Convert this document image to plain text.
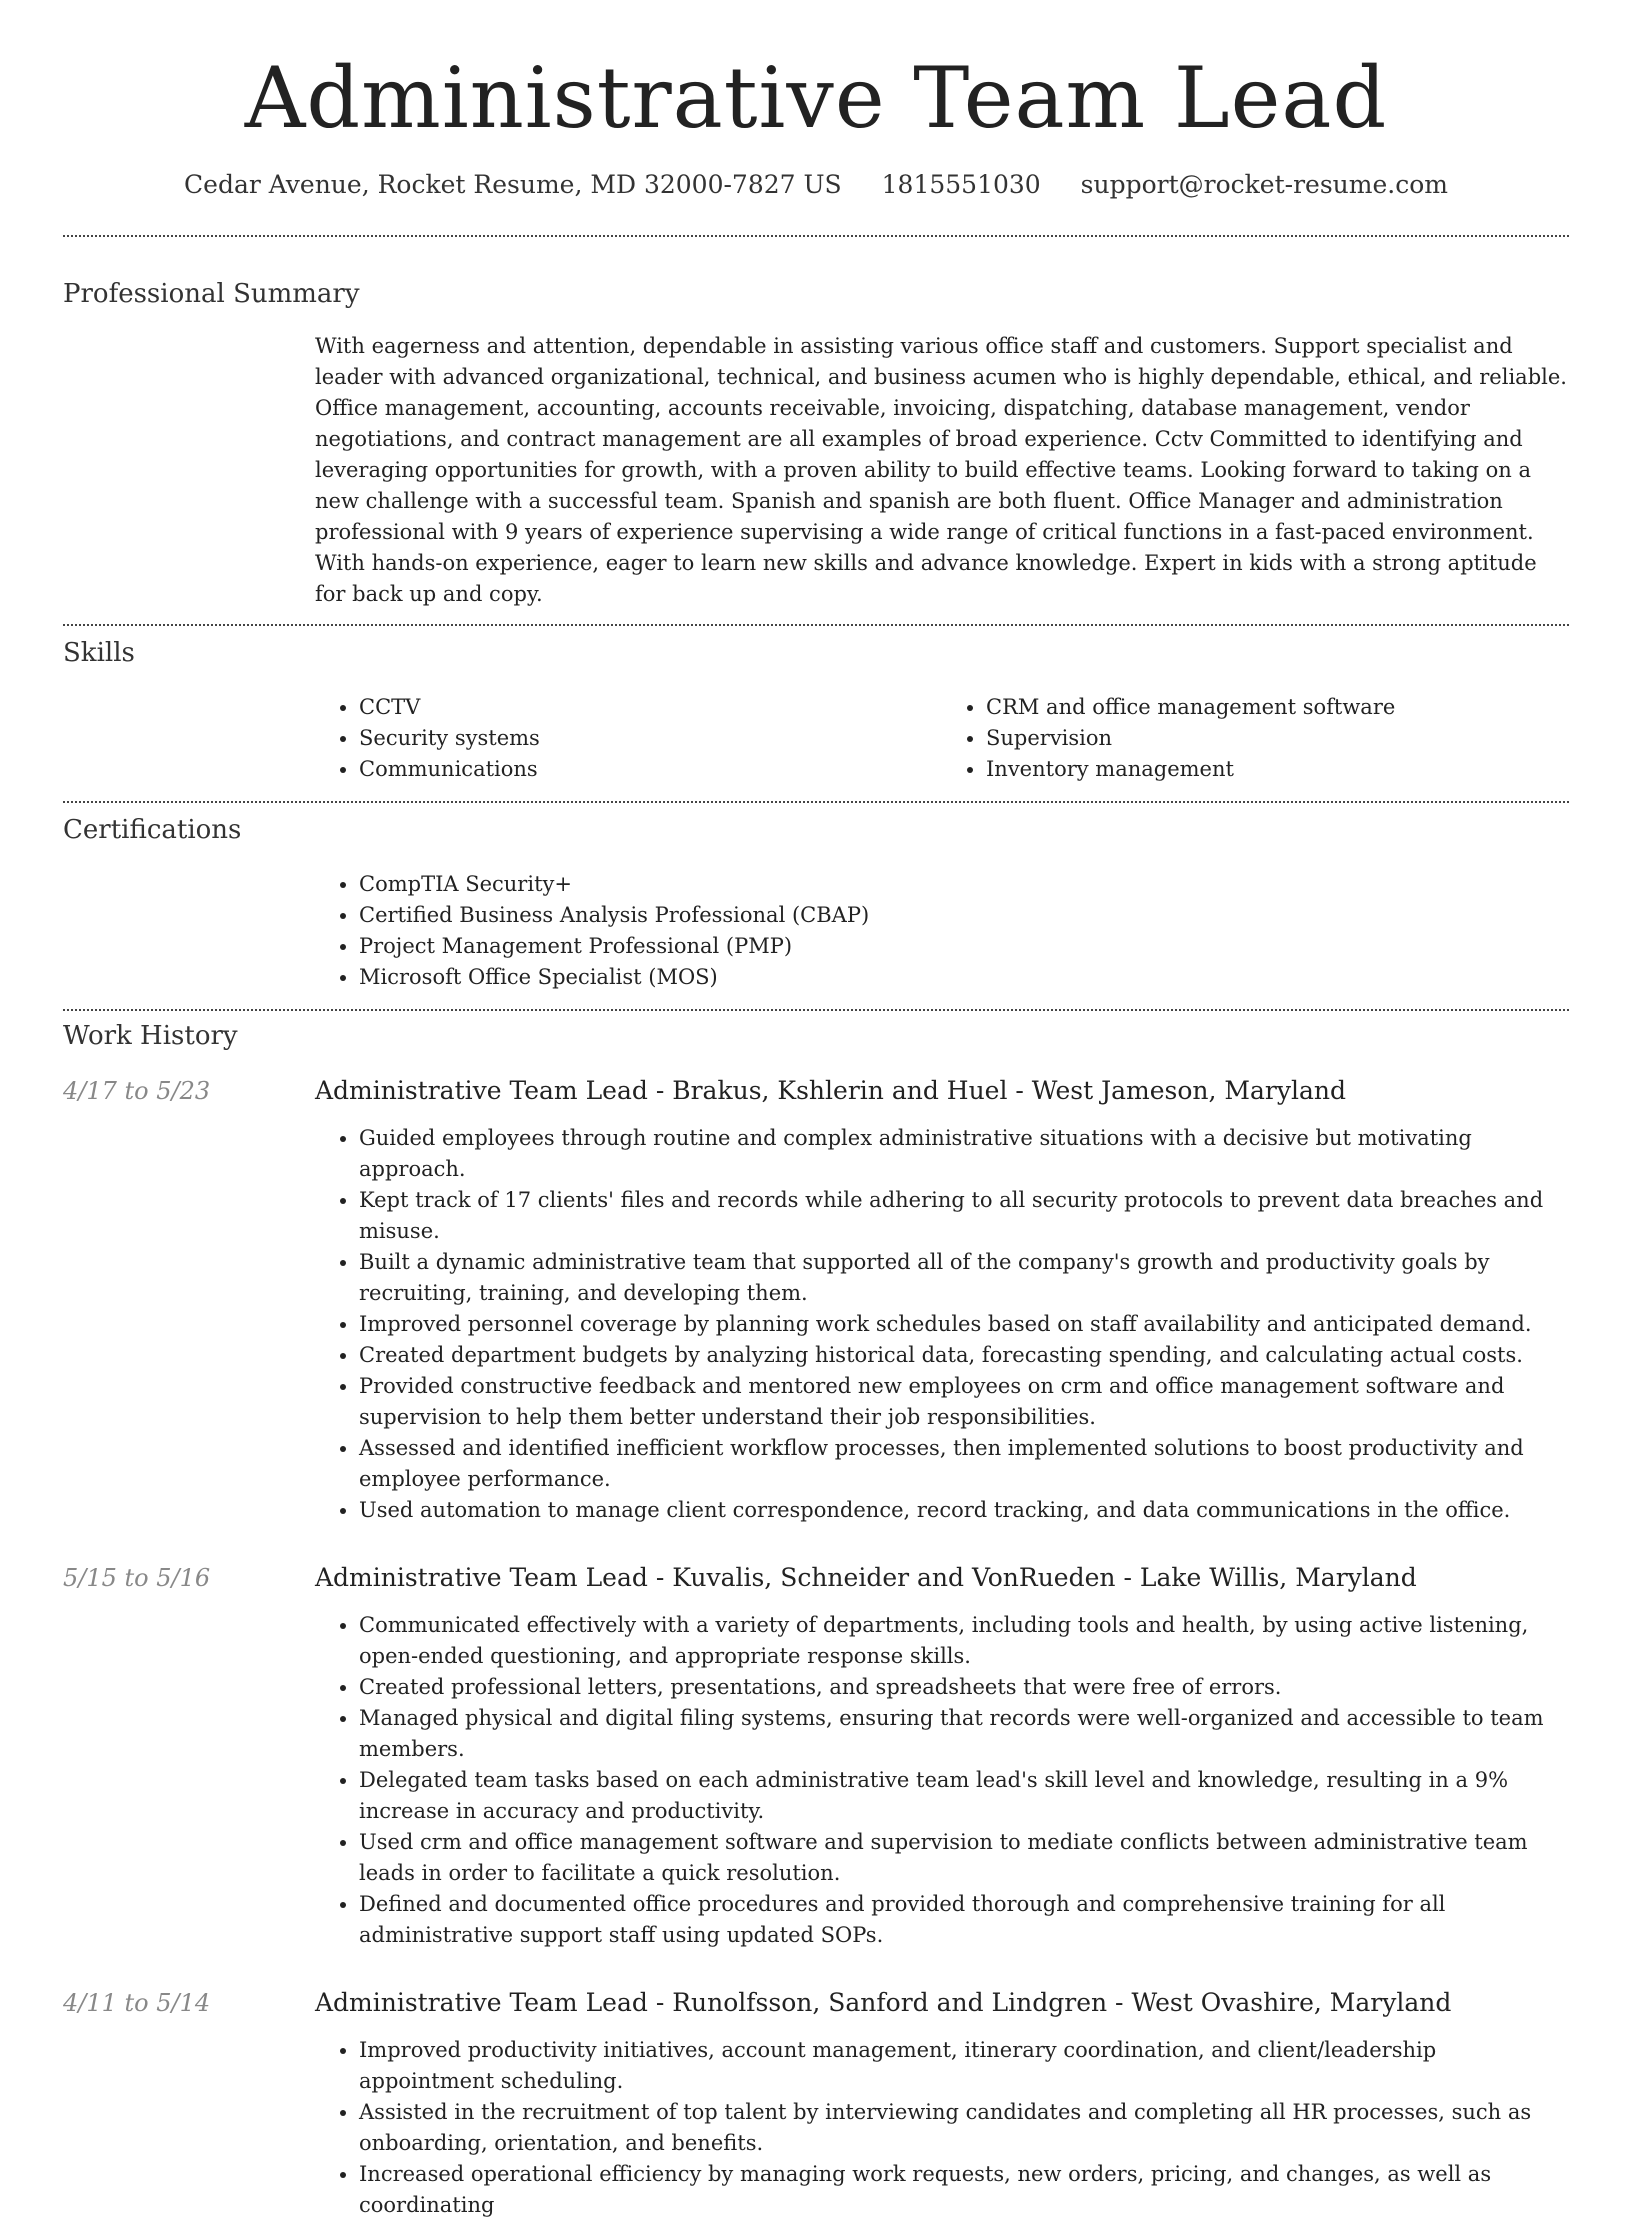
Administrative Team Lead
Cedar Avenue, Rocket Resume, MD 32000-7827 US 1815551030 support@rocket-resume.com
Professional Summary
With eagerness and attention, dependable in assisting various office staff and customers. Support specialist and leader with advanced organizational, technical, and business acumen who is highly dependable, ethical, and reliable. Office management, accounting, accounts receivable, invoicing, dispatching, database management, vendor negotiations, and contract management are all examples of broad experience. Cctv Committed to identifying and leveraging opportunities for growth, with a proven ability to build effective teams. Looking forward to taking on a new challenge with a successful team. Spanish and spanish are both fluent. Office Manager and administration professional with 9 years of experience supervising a wide range of critical functions in a fast-paced environment. With hands-on experience, eager to learn new skills and advance knowledge. Expert in kids with a strong aptitude for back up and copy.
Skills
• CCTV
• Security systems
• Communications
• CRM and office management software
• Supervision
• Inventory management
Certifications
• CompTIA Security+
• Certified Business Analysis Professional (CBAP)
• Project Management Professional (PMP)
• Microsoft Office Specialist (MOS)
Work History
4/17 to 5/23	Administrative Team Lead - Brakus, Kshlerin and Huel - West Jameson, Maryland
• Guided employees through routine and complex administrative situations with a decisive but motivating approach.
• Kept track of 17 clients' files and records while adhering to all security protocols to prevent data breaches and misuse.
• Built a dynamic administrative team that supported all of the company's growth and productivity goals by recruiting, training, and developing them.
• Improved personnel coverage by planning work schedules based on staff availability and anticipated demand.
• Created department budgets by analyzing historical data, forecasting spending, and calculating actual costs.
• Provided constructive feedback and mentored new employees on crm and office management software and supervision to help them better understand their job responsibilities.
• Assessed and identified inefficient workflow processes, then implemented solutions to boost productivity and employee performance.
• Used automation to manage client correspondence, record tracking, and data communications in the office.
5/15 to 5/16	Administrative Team Lead - Kuvalis, Schneider and VonRueden - Lake Willis, Maryland
• Communicated effectively with a variety of departments, including tools and health, by using active listening, open-ended questioning, and appropriate response skills.
• Created professional letters, presentations, and spreadsheets that were free of errors.
• Managed physical and digital filing systems, ensuring that records were well-organized and accessible to team members.
• Delegated team tasks based on each administrative team lead's skill level and knowledge, resulting in a 9% increase in accuracy and productivity.
• Used crm and office management software and supervision to mediate conflicts between administrative team leads in order to facilitate a quick resolution.
• Defined and documented office procedures and provided thorough and comprehensive training for all administrative support staff using updated SOPs.
4/11 to 5/14	Administrative Team Lead - Runolfsson, Sanford and Lindgren - West Ovashire, Maryland
• Improved productivity initiatives, account management, itinerary coordination, and client/leadership appointment scheduling.
• Assisted in the recruitment of top talent by interviewing candidates and completing all HR processes, such as onboarding, orientation, and benefits.
• Increased operational efficiency by managing work requests, new orders, pricing, and changes, as well as coordinating
